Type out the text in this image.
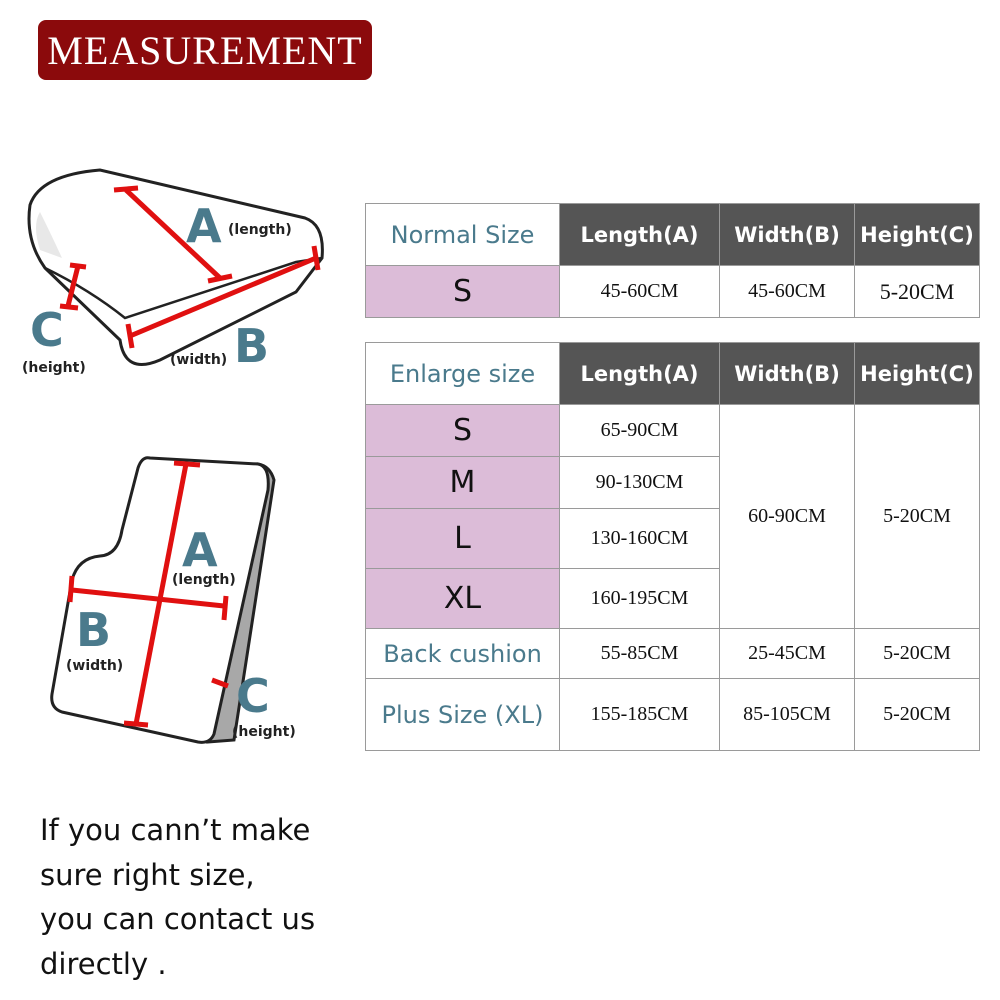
MEASUREMENT
A (length)
B
(width)
C
(height)
A
(length)
B
(width)
C
(height)
Normal Size	Length(A)	Width(B)	Height(C)
S	45-60CM	45-60CM	5-20CM
Enlarge size	Length(A)	Width(B)	Height(C)
S	65-90CM	60-90CM	5-20CM
M	90-130CM		
L	130-160CM		
XL	160-195CM		
Back cushion	55-85CM	25-45CM	5-20CM
Plus Size (XL)	155-185CM	85-105CM	5-20CM
If you cann’t make
sure right size,
you can contact us
directly .
